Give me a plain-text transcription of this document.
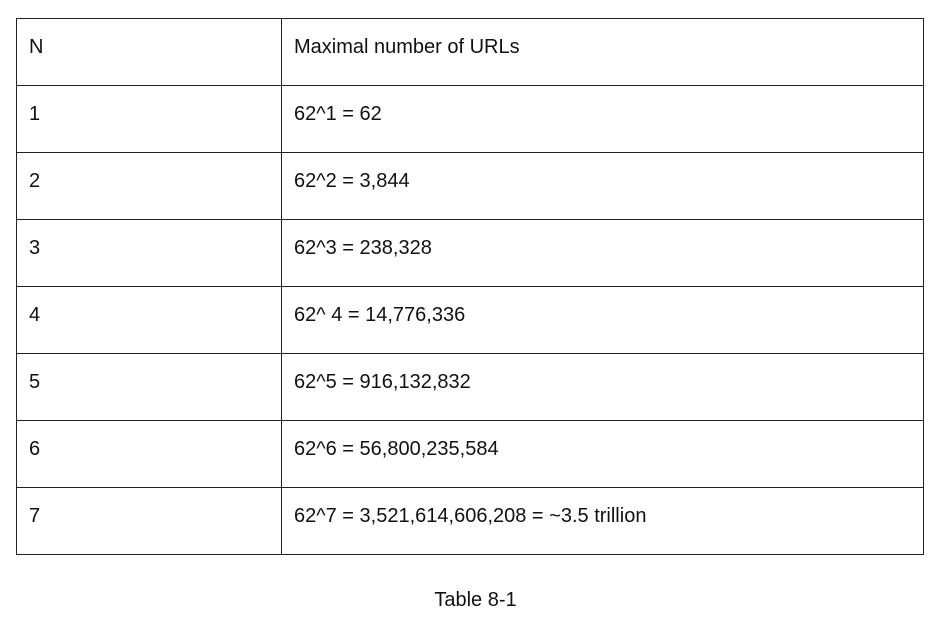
N	Maximal number of URLs
1	62^1 = 62
2	62^2 = 3,844
3	62^3 = 238,328
4	62^ 4 = 14,776,336
5	62^5 = 916,132,832
6	62^6 = 56,800,235,584
7	62^7 = 3,521,614,606,208 = ~3.5 trillion
Table 8-1
